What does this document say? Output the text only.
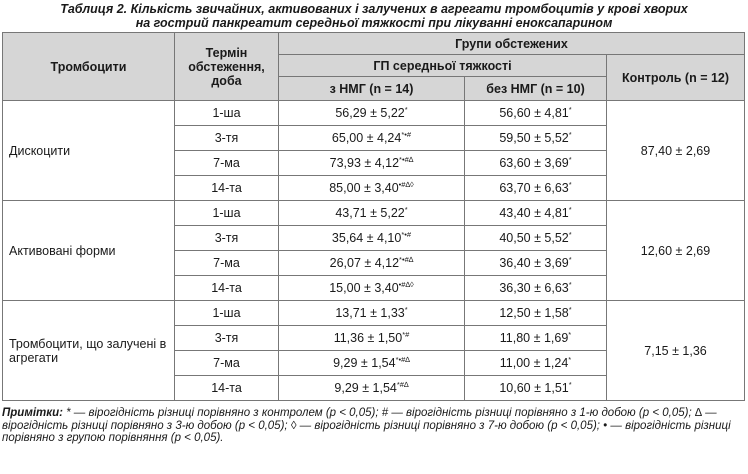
Таблиця 2. Кількість звичайних, активованих і залучених в агрегати тромбоцитів у крові хворих
на гострий панкреатит середньої тяжкості при лікуванні еноксапарином
Тромбоцити	Термін обстеження, доба	Групи обстежених		
		ГП середньої тяжкості		Контроль (n = 12)
		з НМГ (n = 14)	без НМГ (n = 10)	
Дискоцити	1-ша	56,29 ± 5,22*	56,60 ± 4,81*	87,40 ± 2,69
	3-тя	65,00 ± 4,24*•#	59,50 ± 5,52*
	7-ма	73,93 ± 4,12*•#∆	63,60 ± 3,69*
	14-та	85,00 ± 3,40•#∆◊	63,70 ± 6,63*
Активовані форми	1-ша	43,71 ± 5,22*	43,40 ± 4,81*	12,60 ± 2,69
	3-тя	35,64 ± 4,10*•#	40,50 ± 5,52*
	7-ма	26,07 ± 4,12*•#∆	36,40 ± 3,69*
	14-та	15,00 ± 3,40•#∆◊	36,30 ± 6,63*
Тромбоцити, що залучені в агрегати	1-ша	13,71 ± 1,33*	12,50 ± 1,58*	7,15 ± 1,36
	3-тя	11,36 ± 1,50*#	11,80 ± 1,69*
	7-ма	9,29 ± 1,54*•#∆	11,00 ± 1,24*
	14-та	9,29 ± 1,54*#∆	10,60 ± 1,51*
Примітки: * — вірогідність різниці порівняно з контролем (р < 0,05); # — вірогідність різниці порівняно з 1-ю добою (р < 0,05); ∆ — вірогідність різниці порівняно з 3-ю добою (р < 0,05); ◊ — вірогідність різниці порівняно з 7-ю добою (р < 0,05); • — вірогідність різниці порівняно з групою порівняння (р < 0,05).
